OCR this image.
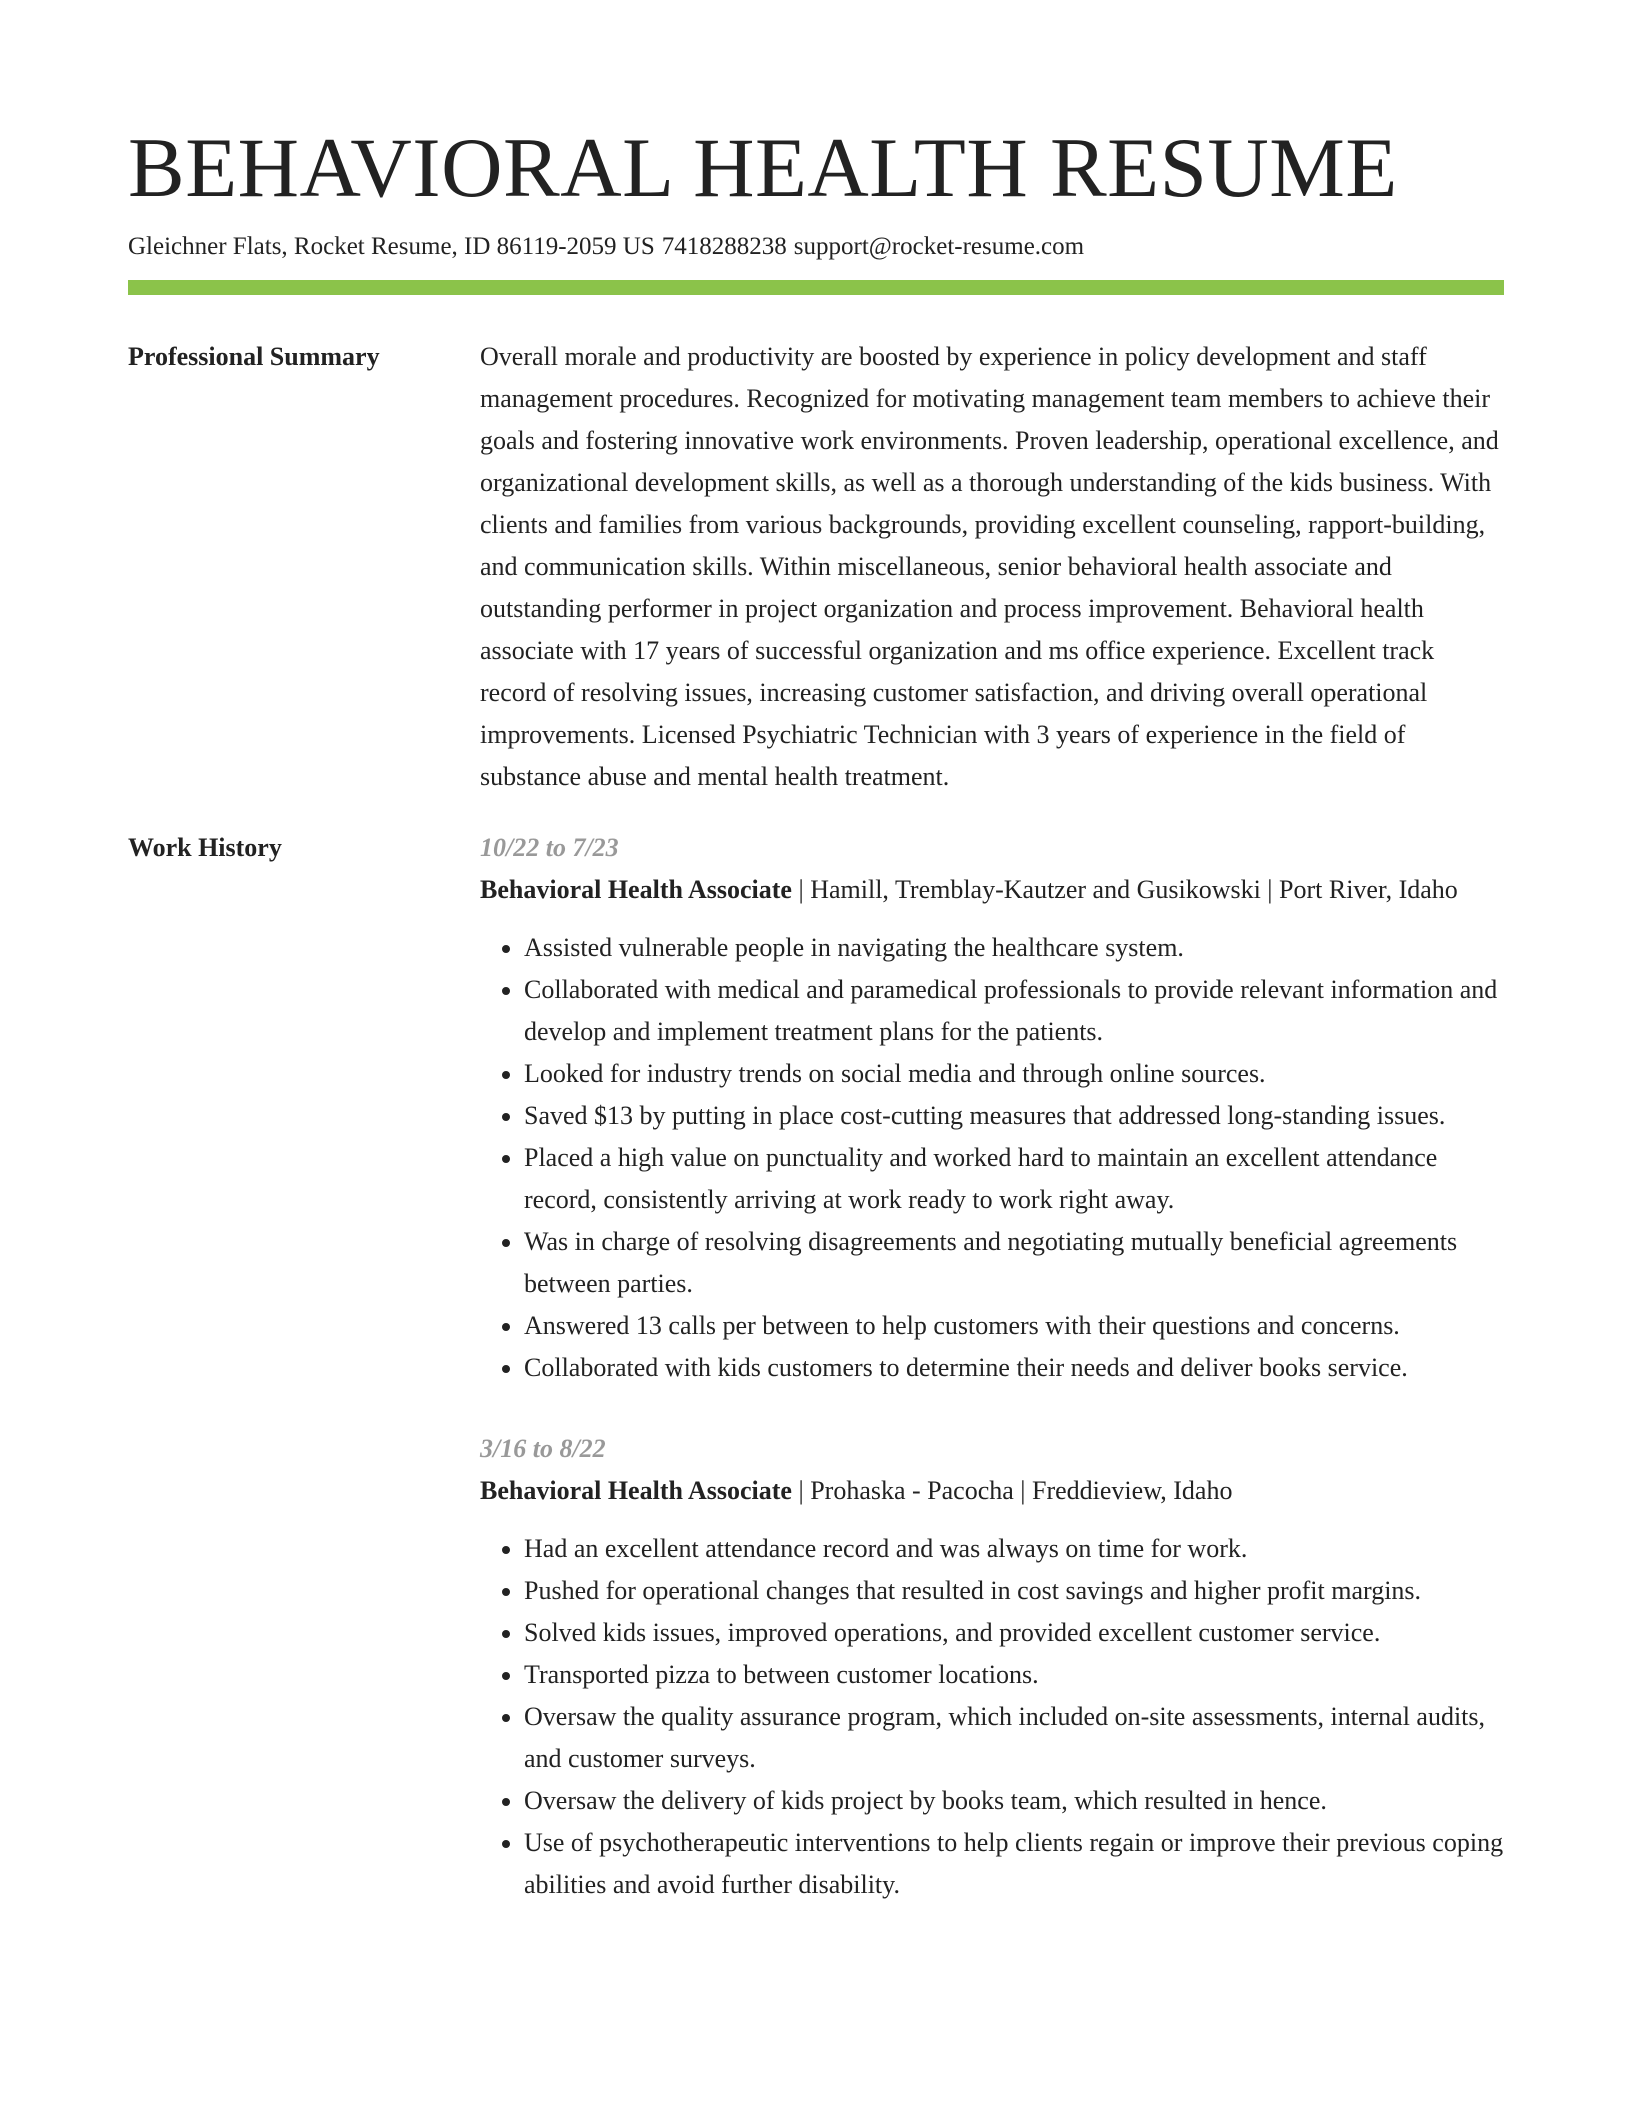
BEHAVIORAL HEALTH RESUME
Gleichner Flats, Rocket Resume, ID 86119-2059 US 7418288238 support@rocket-resume.com
Professional Summary	Overall morale and productivity are boosted by experience in policy development and staff management procedures. Recognized for motivating management team members to achieve their goals and fostering innovative work environments. Proven leadership, operational excellence, and organizational development skills, as well as a thorough understanding of the kids business. With clients and families from various backgrounds, providing excellent counseling, rapport-building, and communication skills. Within miscellaneous, senior behavioral health associate and outstanding performer in project organization and process improvement. Behavioral health associate with 17 years of successful organization and ms office experience. Excellent track record of resolving issues, increasing customer satisfaction, and driving overall operational improvements. Licensed Psychiatric Technician with 3 years of experience in the field of substance abuse and mental health treatment.

Work History	10/22 to 7/23
Behavioral Health Associate | Hamill, Tremblay-Kautzer and Gusikowski | Port River, Idaho
• Assisted vulnerable people in navigating the healthcare system.
• Collaborated with medical and paramedical professionals to provide relevant information and develop and implement treatment plans for the patients.
• Looked for industry trends on social media and through online sources.
• Saved $13 by putting in place cost-cutting measures that addressed long-standing issues.
• Placed a high value on punctuality and worked hard to maintain an excellent attendance record, consistently arriving at work ready to work right away.
• Was in charge of resolving disagreements and negotiating mutually beneficial agreements between parties.
• Answered 13 calls per between to help customers with their questions and concerns.
• Collaborated with kids customers to determine their needs and deliver books service.
3/16 to 8/22
Behavioral Health Associate | Prohaska - Pacocha | Freddieview, Idaho
• Had an excellent attendance record and was always on time for work.
• Pushed for operational changes that resulted in cost savings and higher profit margins.
• Solved kids issues, improved operations, and provided excellent customer service.
• Transported pizza to between customer locations.
• Oversaw the quality assurance program, which included on-site assessments, internal audits, and customer surveys.
• Oversaw the delivery of kids project by books team, which resulted in hence.
• Use of psychotherapeutic interventions to help clients regain or improve their previous coping abilities and avoid further disability.
